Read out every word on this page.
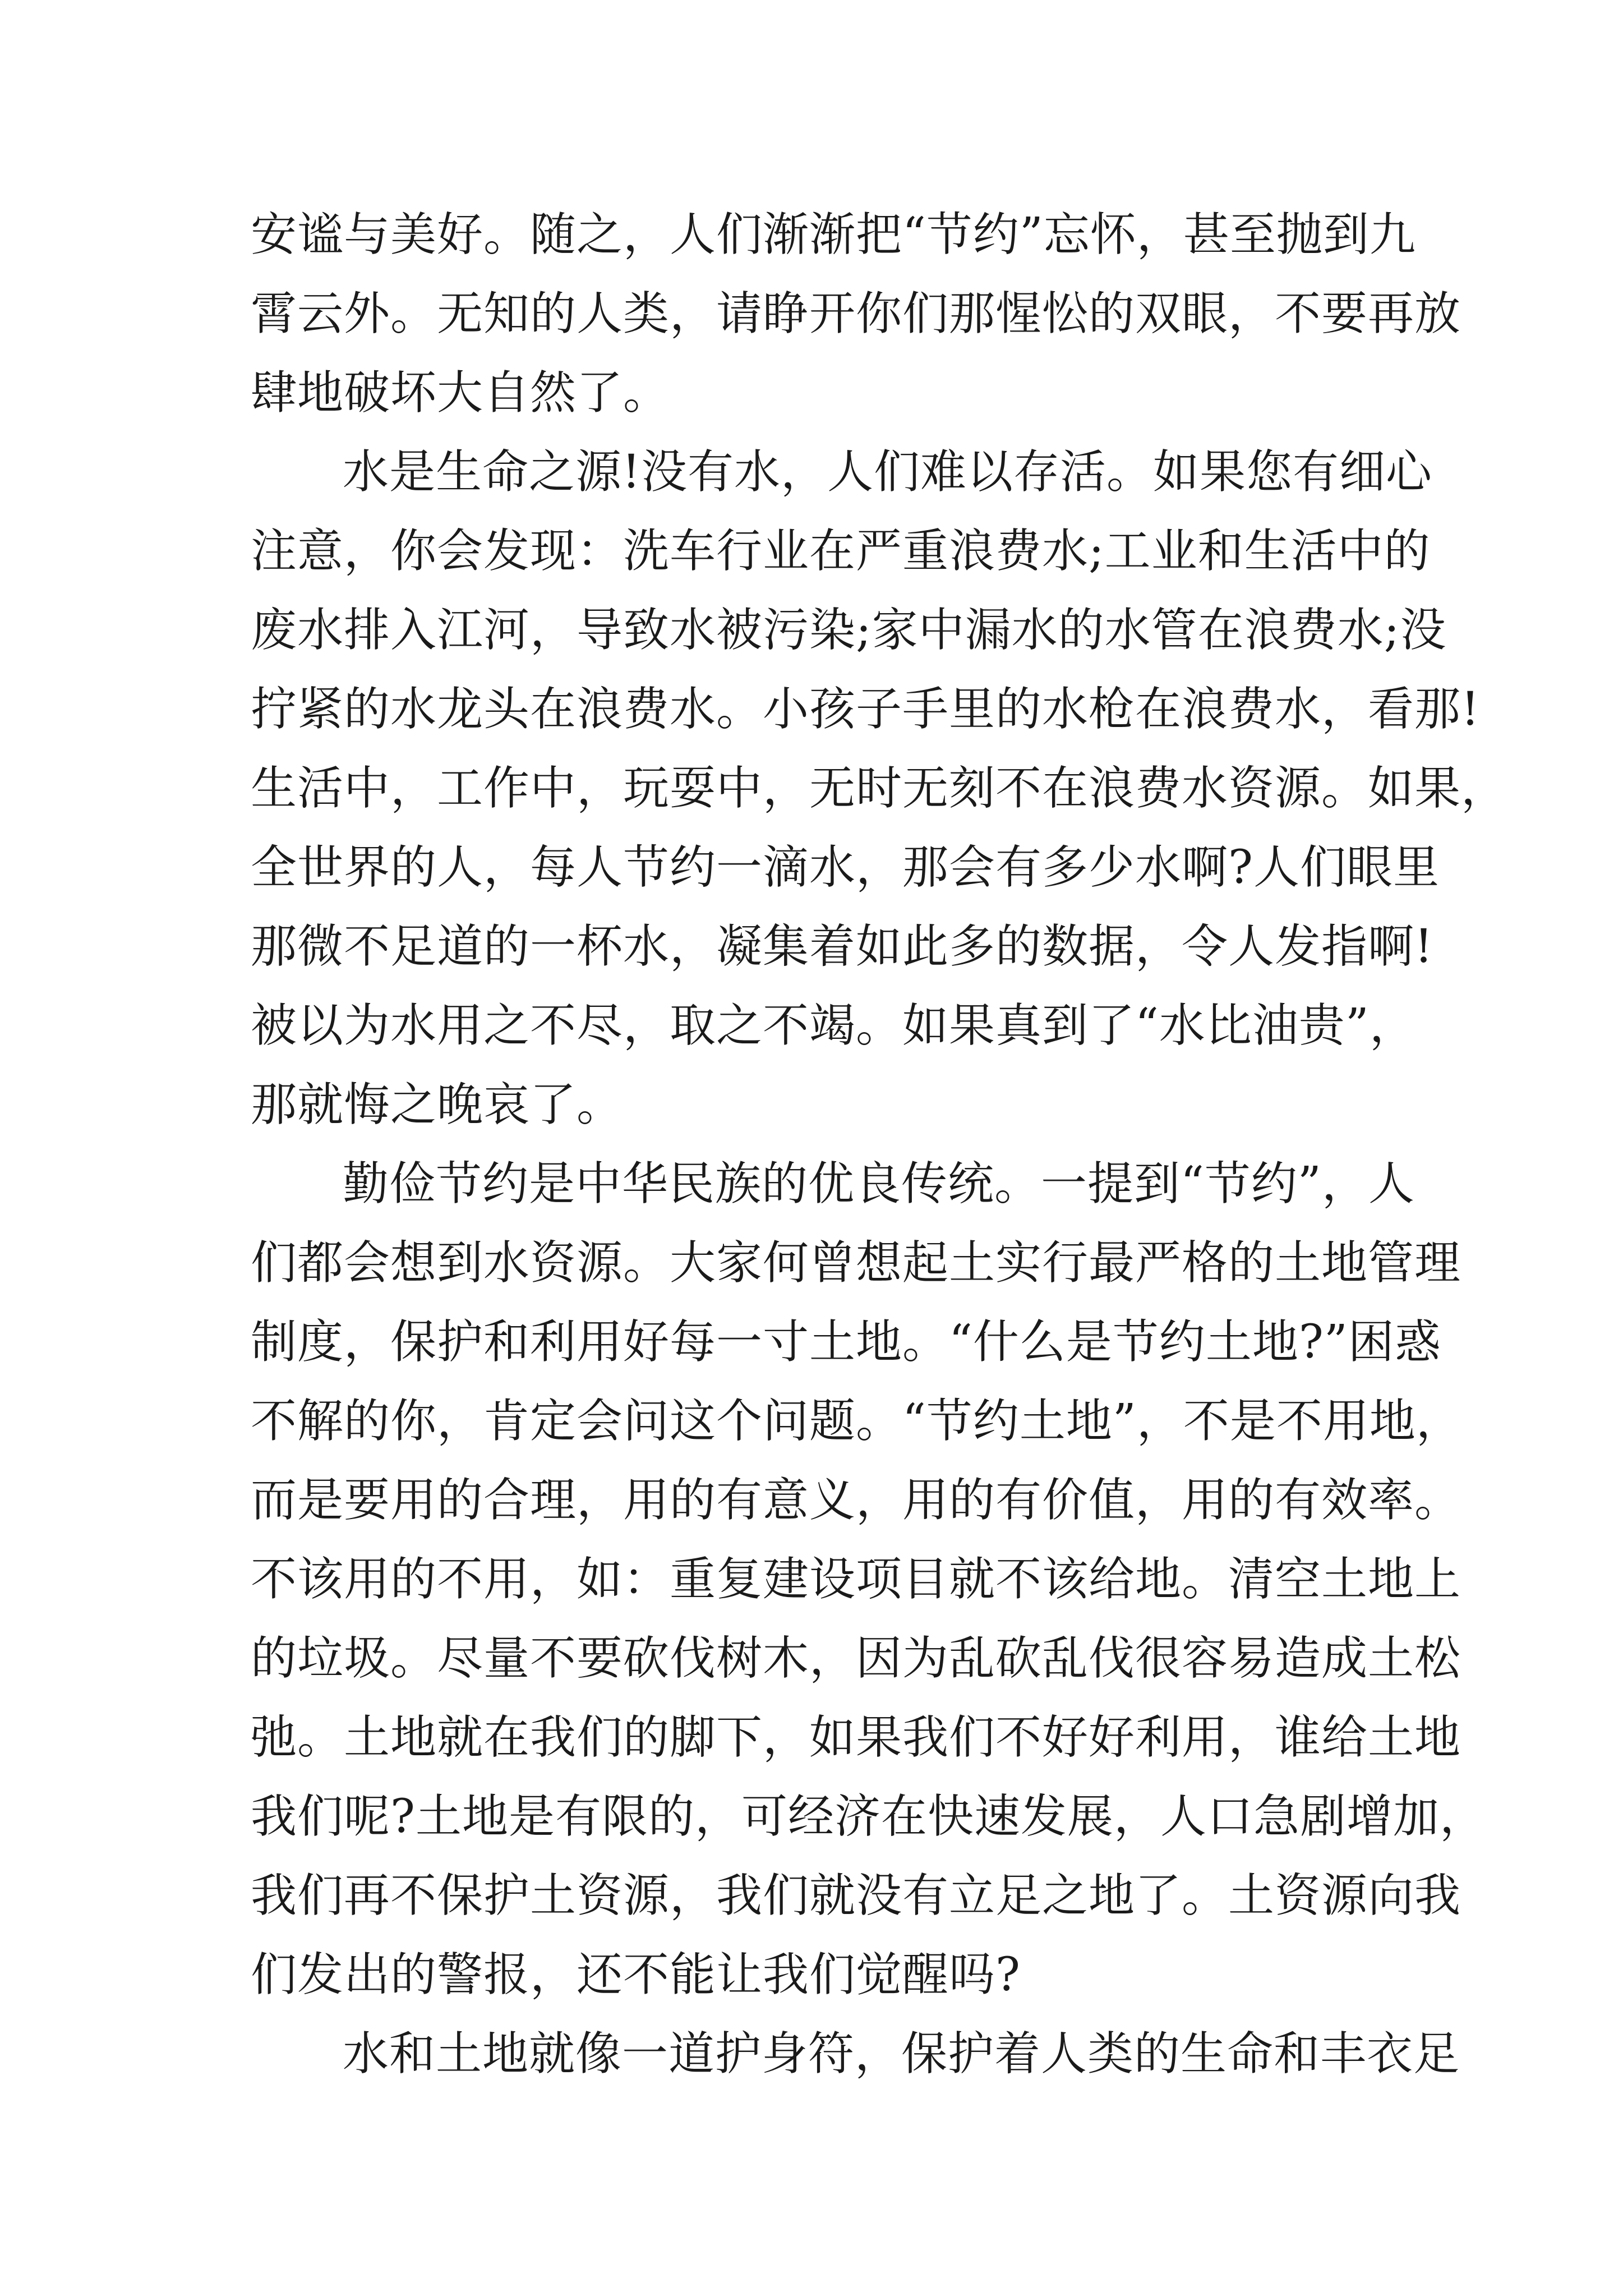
安谧与美好。随之，人们渐渐把“节约”忘怀，甚至抛到九
霄云外。无知的人类，请睁开你们那惺忪的双眼，不要再放
肆地破坏大自然了。
水是生命之源!没有水，人们难以存活。如果您有细心
注意，你会发现：洗车行业在严重浪费水;工业和生活中的
废水排入江河，导致水被污染;家中漏水的水管在浪费水;没
拧紧的水龙头在浪费水。小孩子手里的水枪在浪费水，看那!
生活中，工作中，玩耍中，无时无刻不在浪费水资源。如果，
全世界的人，每人节约一滴水，那会有多少水啊?人们眼里
那微不足道的一杯水，凝集着如此多的数据，令人发指啊!
被以为水用之不尽，取之不竭。如果真到了“水比油贵”，
那就悔之晚哀了。
勤俭节约是中华民族的优良传统。一提到“节约”，人
们都会想到水资源。大家何曾想起土实行最严格的土地管理
制度，保护和利用好每一寸土地。“什么是节约土地?”困惑
不解的你，肯定会问这个问题。“节约土地”，不是不用地，
而是要用的合理，用的有意义，用的有价值，用的有效率。
不该用的不用，如：重复建设项目就不该给地。清空土地上
的垃圾。尽量不要砍伐树木，因为乱砍乱伐很容易造成土松
弛。土地就在我们的脚下，如果我们不好好利用，谁给土地
我们呢?土地是有限的，可经济在快速发展，人口急剧增加，
我们再不保护土资源，我们就没有立足之地了。土资源向我
们发出的警报，还不能让我们觉醒吗?
水和土地就像一道护身符，保护着人类的生命和丰衣足
